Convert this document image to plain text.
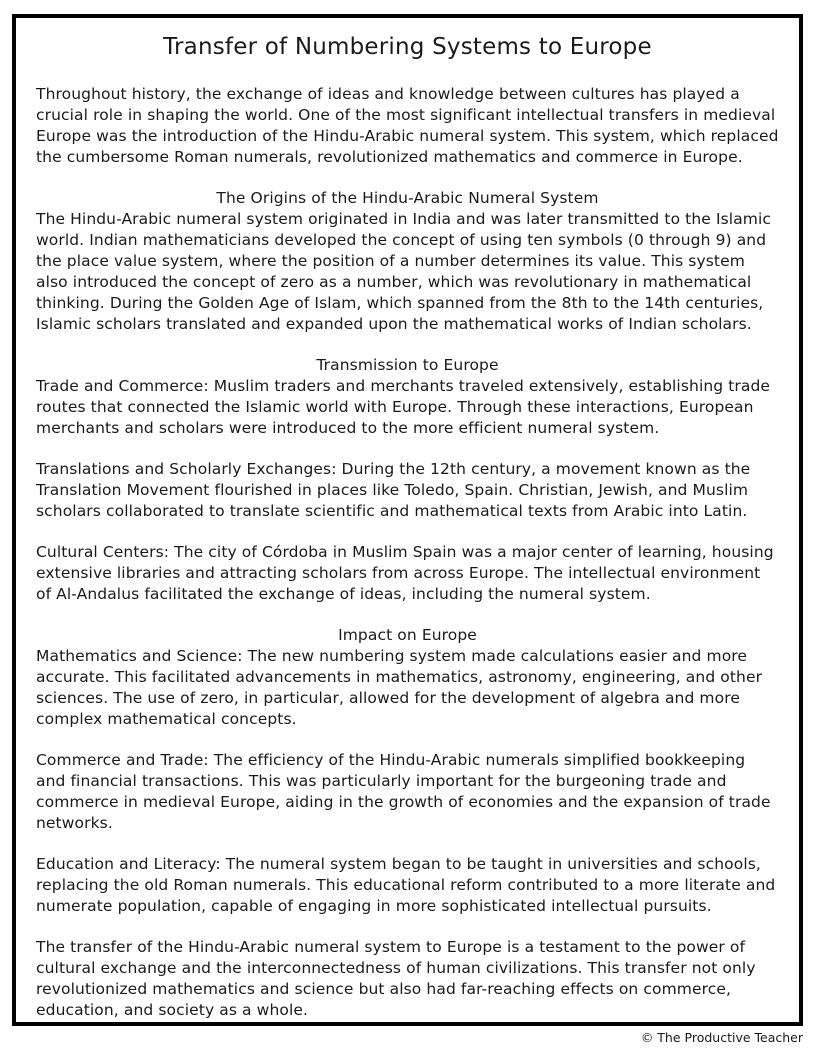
Transfer of Numbering Systems to Europe

Throughout history, the exchange of ideas and knowledge between cultures has played a crucial role in shaping the world. One of the most significant intellectual transfers in medieval Europe was the introduction of the Hindu-Arabic numeral system. This system, which replaced the cumbersome Roman numerals, revolutionized mathematics and commerce in Europe.

The Origins of the Hindu-Arabic Numeral System

The Hindu-Arabic numeral system originated in India and was later transmitted to the Islamic world. Indian mathematicians developed the concept of using ten symbols (0 through 9) and the place value system, where the position of a number determines its value. This system also introduced the concept of zero as a number, which was revolutionary in mathematical thinking. During the Golden Age of Islam, which spanned from the 8th to the 14th centuries, Islamic scholars translated and expanded upon the mathematical works of Indian scholars.

Transmission to Europe

Trade and Commerce: Muslim traders and merchants traveled extensively, establishing trade routes that connected the Islamic world with Europe. Through these interactions, European merchants and scholars were introduced to the more efficient numeral system.

Translations and Scholarly Exchanges: During the 12th century, a movement known as the Translation Movement flourished in places like Toledo, Spain. Christian, Jewish, and Muslim scholars collaborated to translate scientific and mathematical texts from Arabic into Latin.

Cultural Centers: The city of Córdoba in Muslim Spain was a major center of learning, housing extensive libraries and attracting scholars from across Europe. The intellectual environment of Al-Andalus facilitated the exchange of ideas, including the numeral system.

Impact on Europe

Mathematics and Science: The new numbering system made calculations easier and more accurate. This facilitated advancements in mathematics, astronomy, engineering, and other sciences. The use of zero, in particular, allowed for the development of algebra and more complex mathematical concepts.

Commerce and Trade: The efficiency of the Hindu-Arabic numerals simplified bookkeeping and financial transactions. This was particularly important for the burgeoning trade and commerce in medieval Europe, aiding in the growth of economies and the expansion of trade networks.

Education and Literacy: The numeral system began to be taught in universities and schools, replacing the old Roman numerals. This educational reform contributed to a more literate and numerate population, capable of engaging in more sophisticated intellectual pursuits.

The transfer of the Hindu-Arabic numeral system to Europe is a testament to the power of cultural exchange and the interconnectedness of human civilizations. This transfer not only revolutionized mathematics and science but also had far-reaching effects on commerce, education, and society as a whole.

© The Productive Teacher
